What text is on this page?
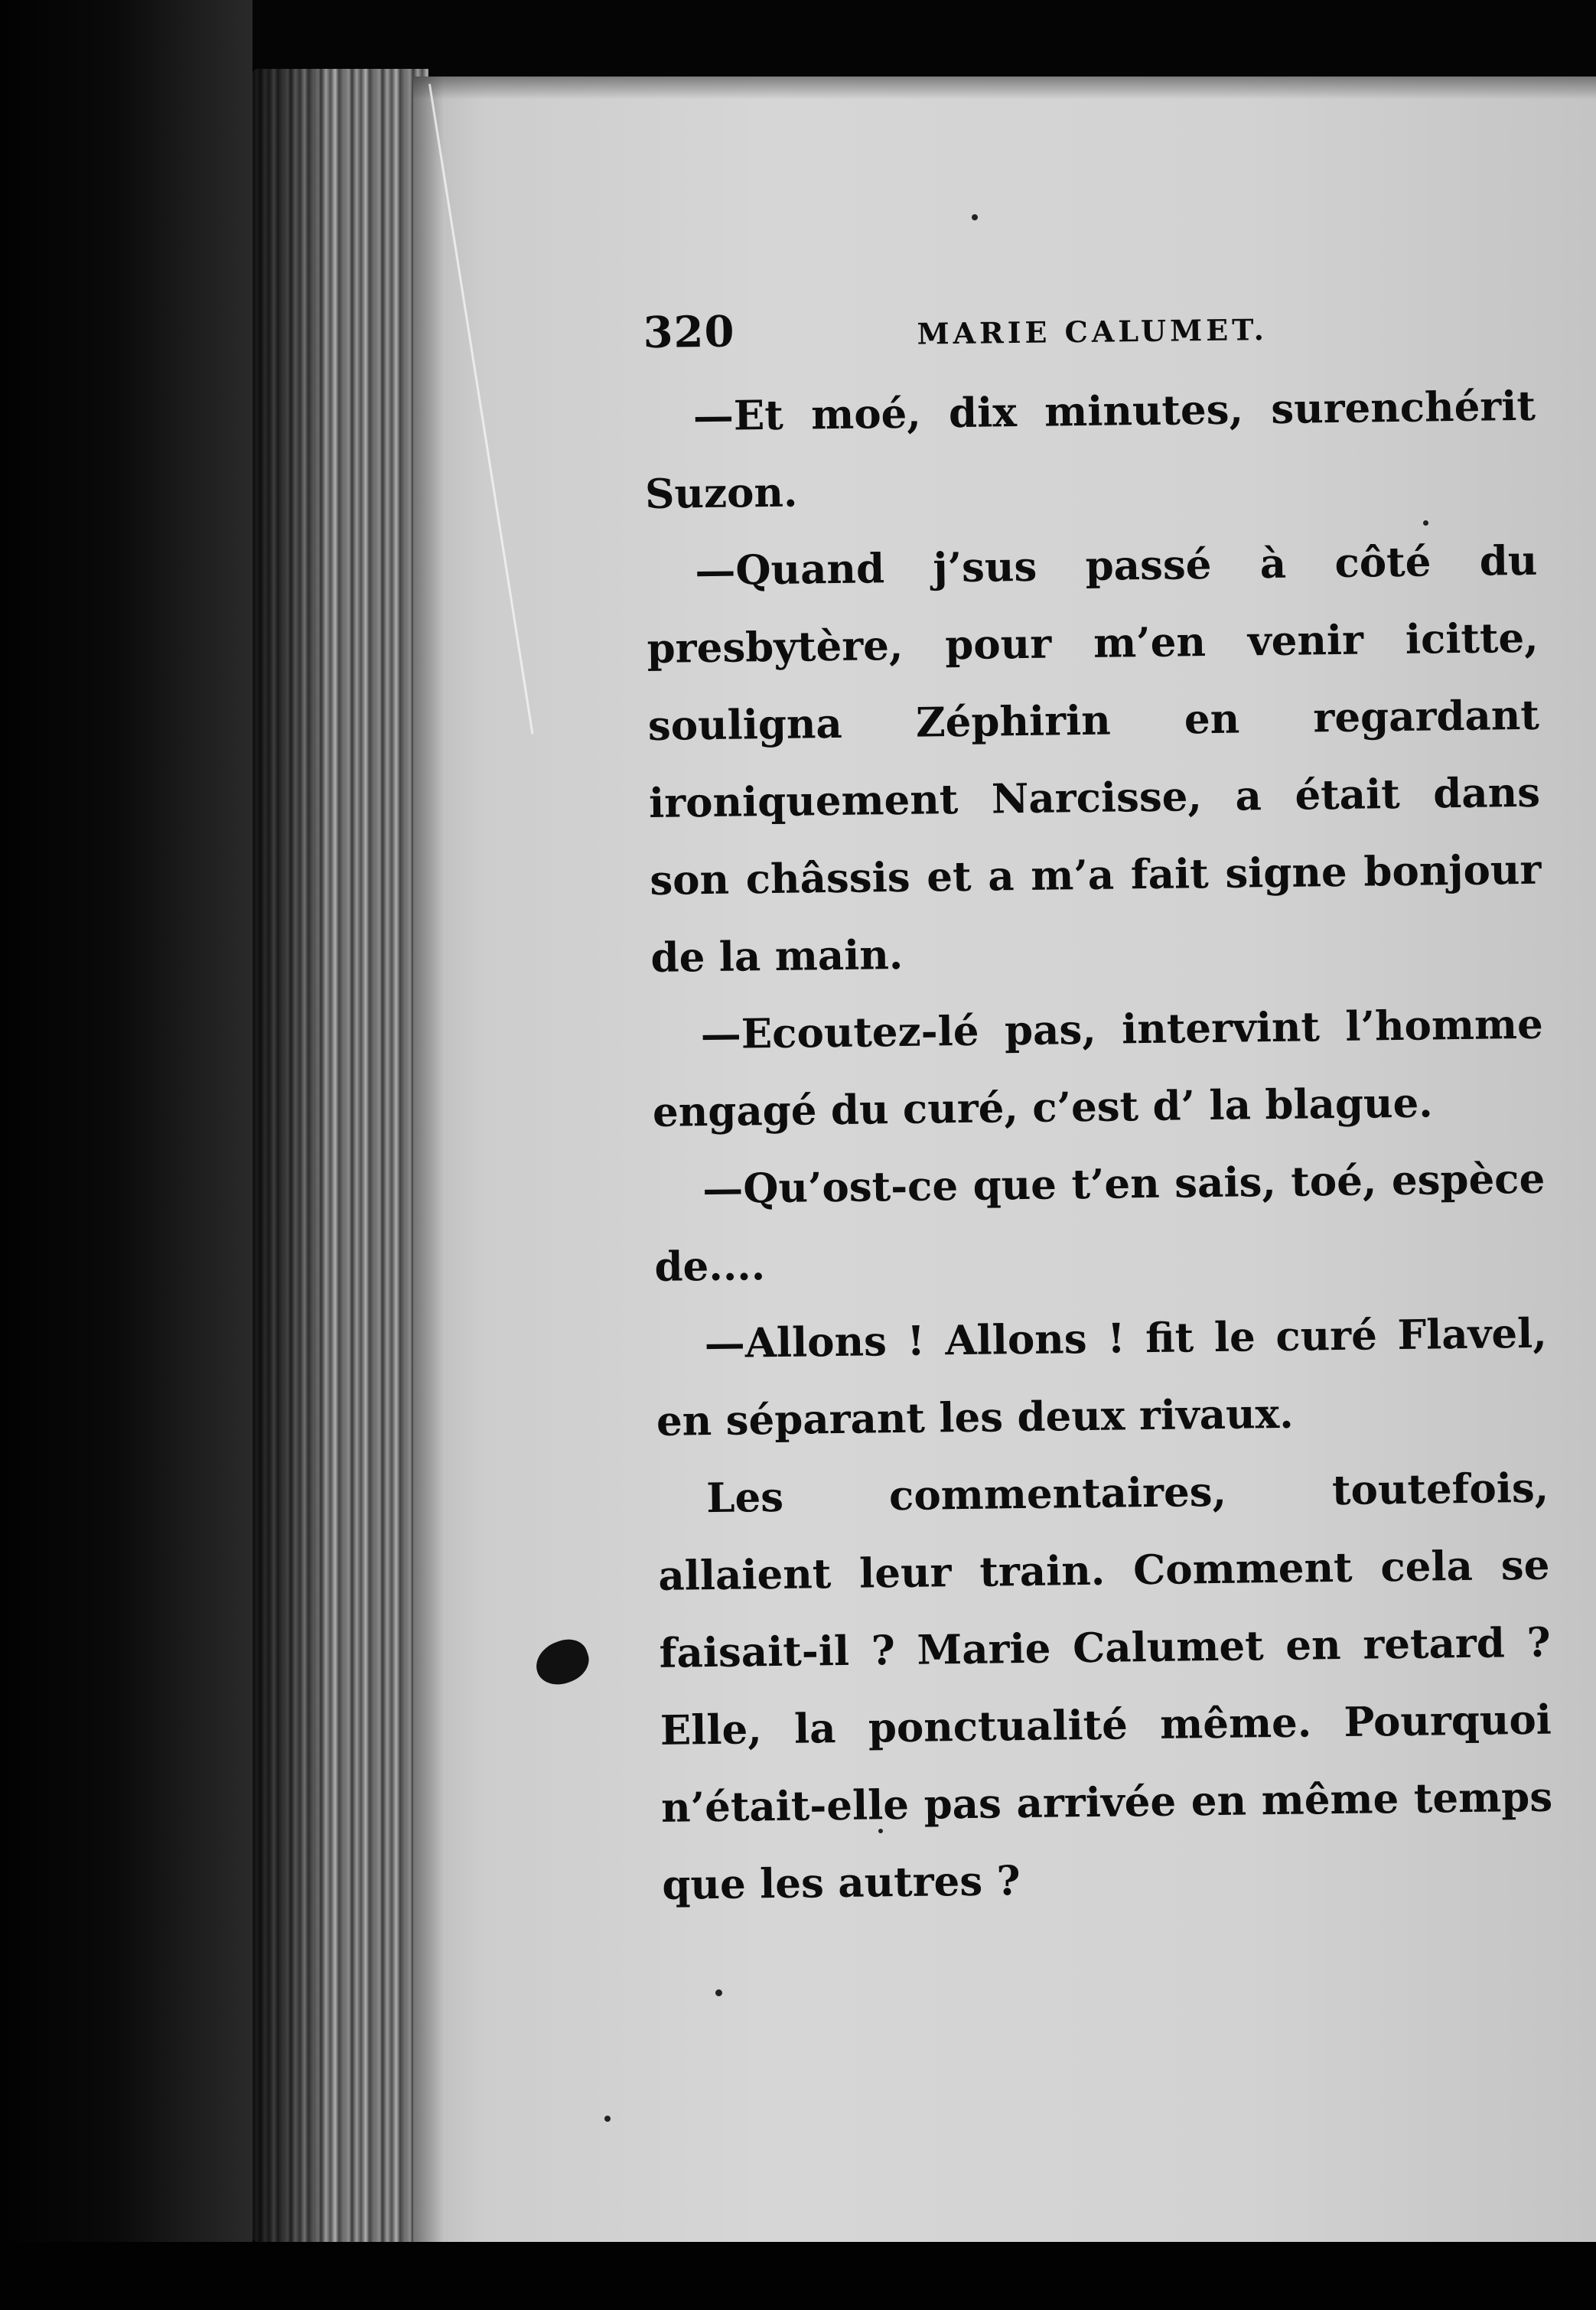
320	MARIE CALUMET.

—Et moé, dix minutes, surenchérit Suzon.

—Quand j’sus passé à côté du presbytère, pour m’en venir icitte, souligna Zéphirin en regardant ironiquement Narcisse, a était dans son châssis et a m’a fait signe bonjour de la main.

—Ecoutez-lé pas, intervint l’homme engagé du curé, c’est d’ la blague.

—Qu’ost-ce que t’en sais, toé, espèce de....

—Allons ! Allons ! fit le curé Flavel, en séparant les deux rivaux.

Les commentaires, toutefois, allaient leur train. Comment cela se faisait-il ? Marie Calumet en retard ? Elle, la ponctualité même. Pourquoi n’était-elle pas arrivée en même temps que les autres ?
